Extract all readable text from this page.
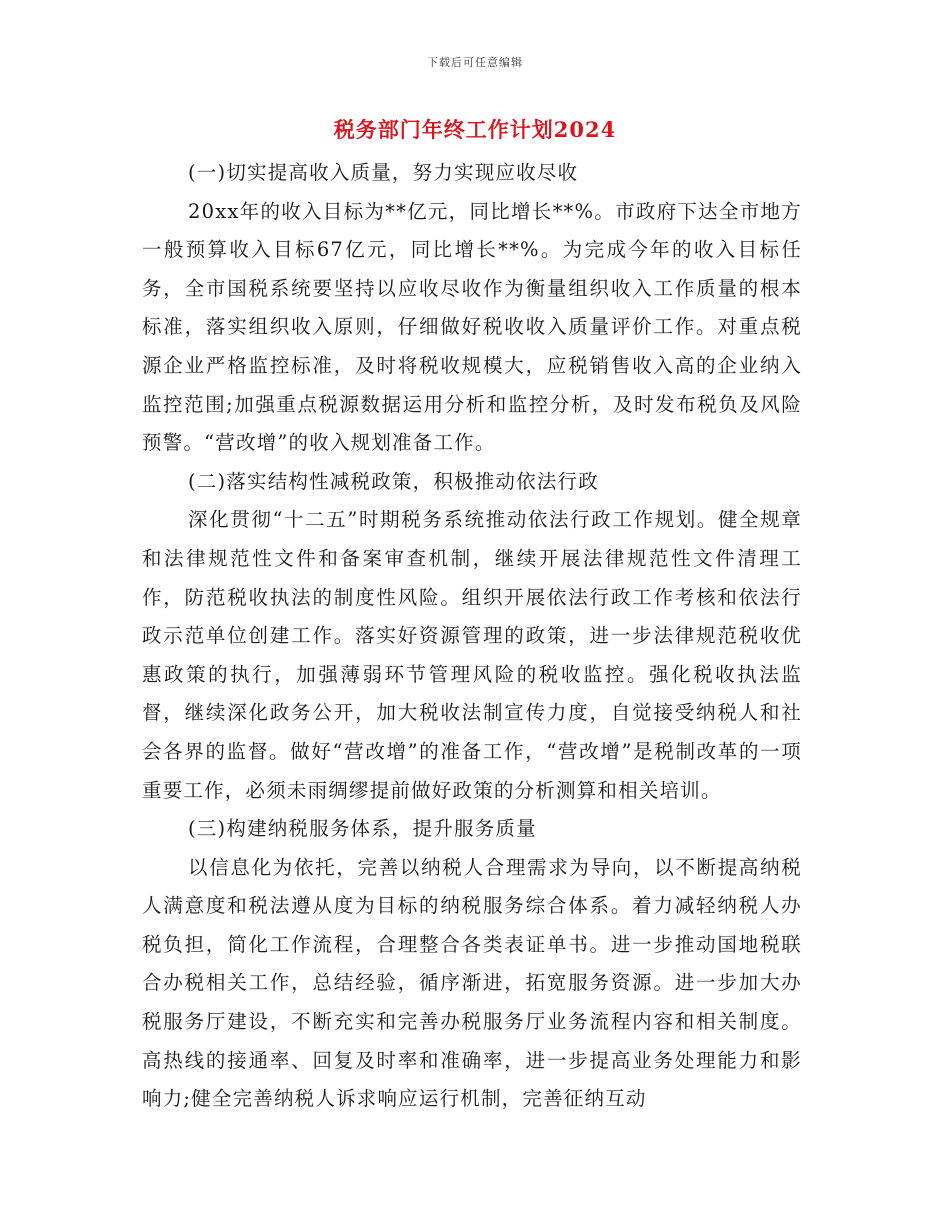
下载后可任意编辑
税务部门年终工作计划2024

(一)切实提高收入质量，努力实现应收尽收

20xx年的收入目标为**亿元，同比增长**%。市政府下达全市地方一般预算收入目标67亿元，同比增长**%。为完成今年的收入目标任务，全市国税系统要坚持以应收尽收作为衡量组织收入工作质量的根本标准，落实组织收入原则，仔细做好税收收入质量评价工作。对重点税源企业严格监控标准，及时将税收规模大，应税销售收入高的企业纳入监控范围;加强重点税源数据运用分析和监控分析，及时发布税负及风险预警。“营改增”的收入规划准备工作。

(二)落实结构性减税政策，积极推动依法行政

深化贯彻“十二五”时期税务系统推动依法行政工作规划。健全规章和法律规范性文件和备案审查机制，继续开展法律规范性文件清理工作，防范税收执法的制度性风险。组织开展依法行政工作考核和依法行政示范单位创建工作。落实好资源管理的政策，进一步法律规范税收优惠政策的执行，加强薄弱环节管理风险的税收监控。强化税收执法监督，继续深化政务公开，加大税收法制宣传力度，自觉接受纳税人和社会各界的监督。做好“营改增”的准备工作，“营改增”是税制改革的一项重要工作，必须未雨绸缪提前做好政策的分析测算和相关培训。

(三)构建纳税服务体系，提升服务质量

以信息化为依托，完善以纳税人合理需求为导向，以不断提高纳税人满意度和税法遵从度为目标的纳税服务综合体系。着力减轻纳税人办税负担，简化工作流程，合理整合各类表证单书。进一步推动国地税联合办税相关工作，总结经验，循序渐进，拓宽服务资源。进一步加大办税服务厅建设，不断充实和完善办税服务厅业务流程内容和相关制度。高热线的接通率、回复及时率和准确率，进一步提高业务处理能力和影响力;健全完善纳税人诉求响应运行机制，完善征纳互动
